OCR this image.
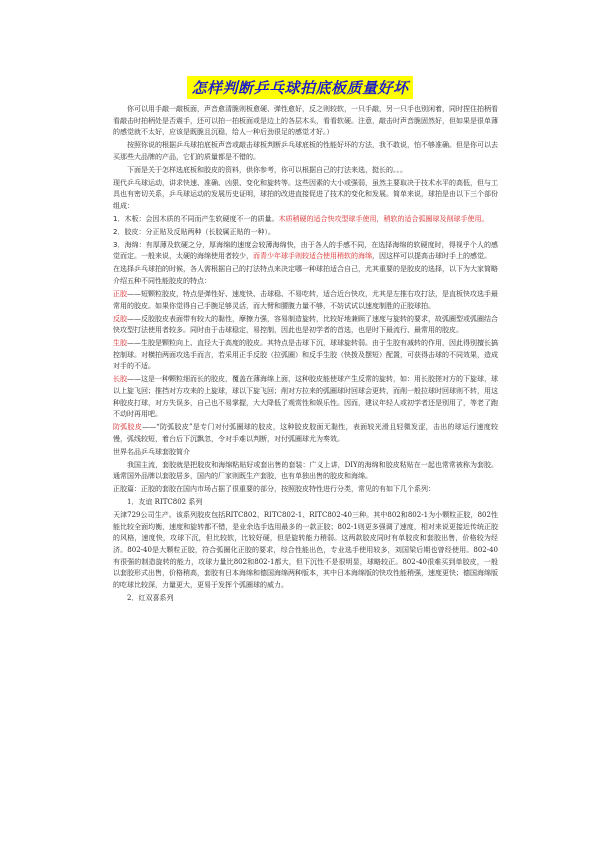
怎样判断乒乓球拍底板质量好坏

你可以用手敲一敲板面，声音愈清脆则板愈硬、弹性愈好，反之则较软，一只手敲，另一只手也别闲着，同时捏住拍柄看看敲击时拍柄处是否震手，还可以拍一拍板面或是边上的各层木头，看看软硬。注意，敲击时声音脆固然好，但如果是很单薄的感觉就不太好，应该是既脆且沉稳，给人一种后劲很足的感觉才好。）

按照你说的根据乒乓球拍底板声音或敲击球板判断乒乓球底板的性能好坏的方法，我不敢说，怕不够准确。但是你可以去买那些大品牌的产品，它们的质量都是不错的。

下面是关于怎样选底板和胶皮的资料，供你参考，你可以根据自己的打法来选，挺长的。。。

现代乒乓球运动，讲求快速、准确、凶狠、变化和旋转等。这些因素的大小或强弱，虽然主要取决于技术水平的高低，但与工具也有密切关系，乒乓球运动的发展历史证明，球拍的改进直接促进了技术的变化和发展。简单来说，球拍是由以下三个部份组成：

1．木板：会因木质的不同而产生软硬度不一的质量。木质稍硬的适合快攻型球手使用，稍软的适合弧圈球及削球手使用。

2．胶皮：分正贴及反贴两种（长胶属正贴的一种）。

3．海绵：有厚薄及软硬之分，厚海绵的速度会较薄海绵快，由于各人的手感不同，在选择海绵的软硬度时，得视乎个人的感觉而定。一般来说，太硬的海绵使用者较少，而青少年球手则较适合使用稍软的海绵，因这样可以提高击球时手上的感觉。

在选择乒乓球拍的时候，各人需根据自己的打法特点来决定哪一种球拍适合自己，尤其重要的是胶皮的选择，以下为大家简略介绍五种不同性能胶皮的特点：

正胶——短颗粒胶皮，特点是弹性好、速度快、击球稳、不易吃转，适合近台快攻，尤其是左推右攻打法，是直板快攻选手最常用的胶皮。如果你觉得自己手腕足够灵活，而大臂和腰腹力量不够，不妨试试以速度制胜的正胶球拍。

反胶——反胶胶皮表面带有较大的黏性，摩擦力强，容易制造旋转，比较好地兼顾了速度与旋转的要求，故弧圈型或弧圈结合快攻型打法使用者较多。同时由于击球稳定，易控制，因此也是初学者的首选，也是时下最流行、最常用的胶皮。

生胶——生胶是颗粒向上、直径大于高度的胶皮。其特点是击球下沉，球球旋转弱。由于生胶有减转的作用，因此得别擅长搞控制球。对横拍两面攻选手而言，若采用正手反胶（拉弧圈）和反手生胶（快拨及摆短）配置，可获得击球的不同效果，造成对手的不适。

长胶——这是一种颗粒细而长的胶皮，覆盖在薄海绵上面，这种胶皮能使球产生反常的旋转，如：用长胶搓对方的下旋球，球以上旋飞回；推挡对方攻来的上旋球，球以下旋飞回；削对方拉来的弧圈球时回球会更转，而削一般拉球时回球则不转，用这种胶皮打球，对方失误多，自己也不易掌握，大大降低了观赏性和娱乐性。因而，建议年轻人或初学者还是别用了，等老了跑不动时再用吧。

防弧胶皮——“防弧胶皮”是专门对付弧圈球的胶皮，这种胶皮胶面无黏性，表面较光滑且轻微发涩，击出的球运行速度较慢，弧线较短，着台后下沉飘忽，令对手难以判断，对付弧圈球尤为奏效。

世界名品乒乓球套胶简介

我国主流，套胶就是把胶皮和海绵粘贴好或套出售的套装：广义上讲，DIY的海绵和胶皮粘贴在一起也常常被称为套胶。通常国外品牌以套胶居多，国内的厂家则既生产套胶，也有单独出售的胶皮和海绵。

正胶篇：正胶的套胶在国内市场占据了很重要的部分，按照胶皮特性进行分类，常见的有如下几个系列：

1．友谊 RITC802 系列

天津729公司生产。该系列胶皮包括RITC802、RITC802-1、RITC802-40三种。其中802和802-1为小颗粒正胶，802性能比较全面均衡，速度和旋转都不错，是业余选手选用最多的一款正胶；802-1则更多强调了速度，相对来说更接近传统正胶的风格，速度快，攻球下沉，但比较软，比较好硬，但是旋转能力稍弱。这两款胶皮同时有单胶皮和套胶出售，价格较为经济。802-40是大颗粒正胶，符合弧圈化正胶的要求，综合性能出色，专业选手使用较多，刘国梁后期也曾经使用。802-40有很强的制造旋转的能力，攻球力量比802和802-1都大，但下沉性不是很明显，球略较正。802-40很难买到单胶皮，一般以套胶形式出售，价格稍高，套胶有日本海绵和德国海绵两种版本，其中日本海绵版的快攻性能稍强，速度更快；德国海绵版的吃球比较深，力量更大，更易于发挥个弧圈球的威力。

2．红双喜系列
